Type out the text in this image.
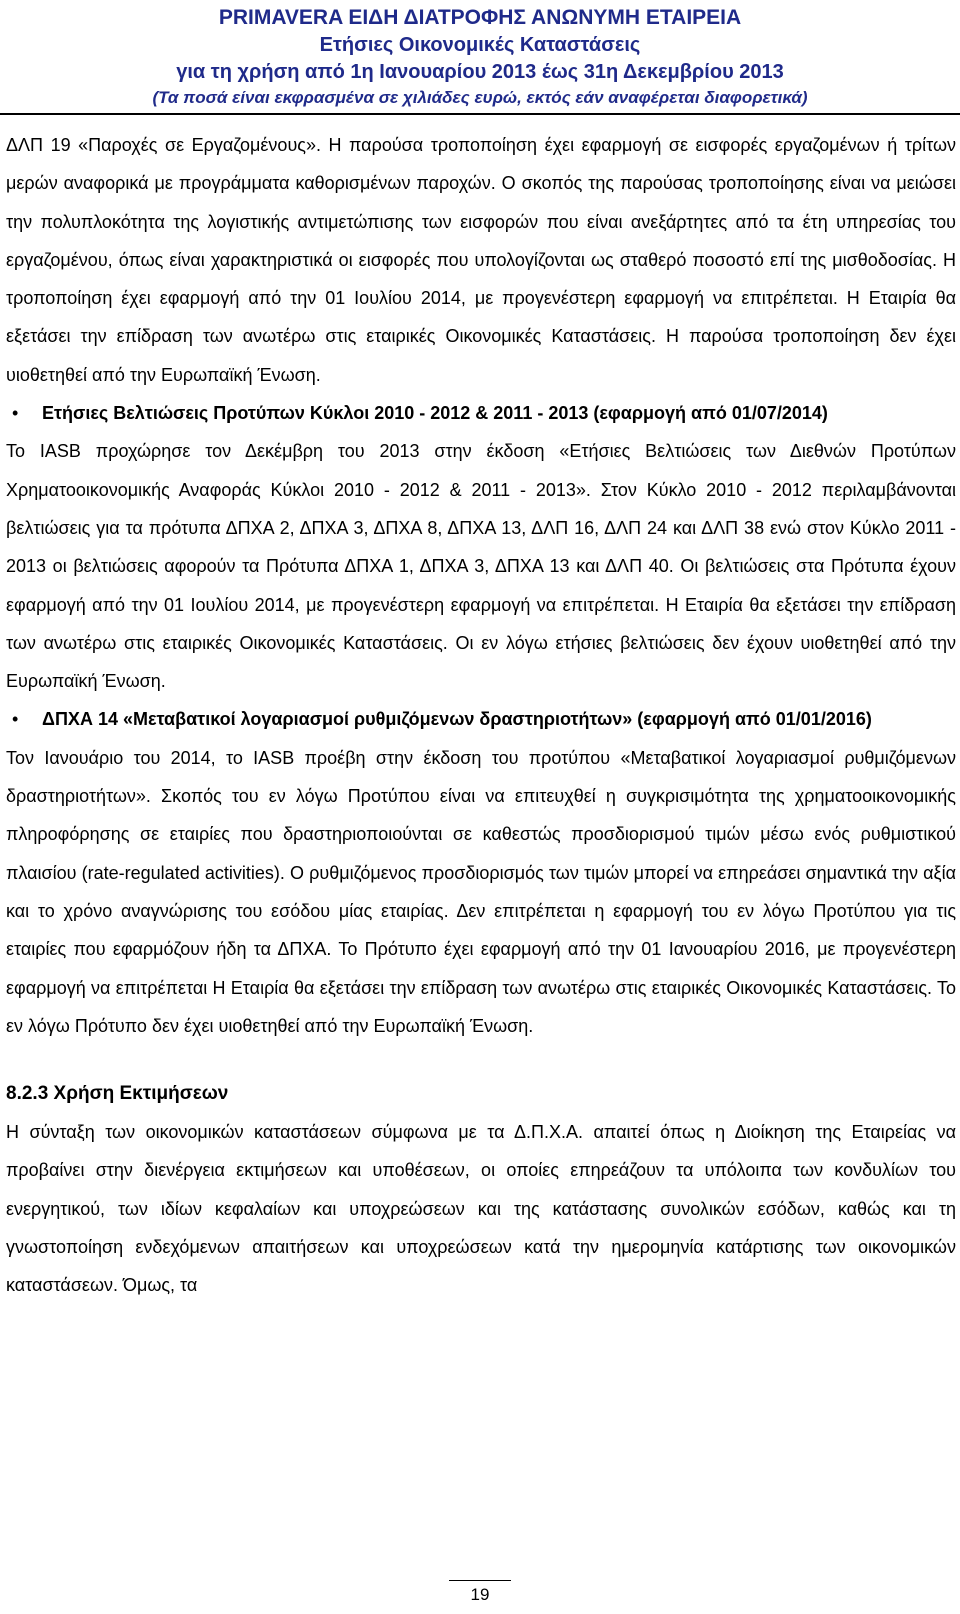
PRIMAVERA ΕΙΔΗ ΔΙΑΤΡΟΦΗΣ ΑΝΩΝΥΜΗ ΕΤΑΙΡΕΙΑ
Ετήσιες Οικονομικές Καταστάσεις
για τη χρήση από 1η Ιανουαρίου 2013 έως 31η Δεκεμβρίου 2013
(Τα ποσά είναι εκφρασμένα σε χιλιάδες ευρώ, εκτός εάν αναφέρεται διαφορετικά)

ΔΛΠ 19 «Παροχές σε Εργαζομένους». Η παρούσα τροποποίηση έχει εφαρμογή σε εισφορές εργαζομένων ή τρίτων μερών αναφορικά με προγράμματα καθορισμένων παροχών. Ο σκοπός της παρούσας τροποποίησης είναι να μειώσει την πολυπλοκότητα της λογιστικής αντιμετώπισης των εισφορών που είναι ανεξάρτητες από τα έτη υπηρεσίας του εργαζομένου, όπως είναι χαρακτηριστικά οι εισφορές που υπολογίζονται ως σταθερό ποσοστό επί της μισθοδοσίας. Η τροποποίηση έχει εφαρμογή από την 01 Ιουλίου 2014, με προγενέστερη εφαρμογή να επιτρέπεται. Η Εταιρία θα εξετάσει την επίδραση των ανωτέρω στις εταιρικές Οικονομικές Καταστάσεις. Η παρούσα τροποποίηση δεν έχει υιοθετηθεί από την Ευρωπαϊκή Ένωση.

• Ετήσιες Βελτιώσεις Προτύπων Κύκλοι 2010 - 2012 & 2011 - 2013 (εφαρμογή από 01/07/2014)

Το IASB προχώρησε τον Δεκέμβρη του 2013 στην έκδοση «Ετήσιες Βελτιώσεις των Διεθνών Προτύπων Χρηματοοικονομικής Αναφοράς Κύκλοι 2010 - 2012 & 2011 - 2013». Στον Κύκλο 2010 - 2012 περιλαμβάνονται βελτιώσεις για τα πρότυπα ΔΠΧΑ 2, ΔΠΧΑ 3, ΔΠΧΑ 8, ΔΠΧΑ 13, ΔΛΠ 16, ΔΛΠ 24 και ΔΛΠ 38 ενώ στον Κύκλο 2011 - 2013 οι βελτιώσεις αφορούν τα Πρότυπα ΔΠΧΑ 1, ΔΠΧΑ 3, ΔΠΧΑ 13 και ΔΛΠ 40. Οι βελτιώσεις στα Πρότυπα έχουν εφαρμογή από την 01 Ιουλίου 2014, με προγενέστερη εφαρμογή να επιτρέπεται. Η Εταιρία θα εξετάσει την επίδραση των ανωτέρω στις εταιρικές Οικονομικές Καταστάσεις. Οι εν λόγω ετήσιες βελτιώσεις δεν έχουν υιοθετηθεί από την Ευρωπαϊκή Ένωση.

• ΔΠΧΑ 14 «Μεταβατικοί λογαριασμοί ρυθμιζόμενων δραστηριοτήτων» (εφαρμογή από 01/01/2016)

Τον Ιανουάριο του 2014, το IASB προέβη στην έκδοση του προτύπου «Μεταβατικοί λογαριασμοί ρυθμιζόμενων δραστηριοτήτων». Σκοπός του εν λόγω Προτύπου είναι να επιτευχθεί η συγκρισιμότητα της χρηματοοικονομικής πληροφόρησης σε εταιρίες που δραστηριοποιούνται σε καθεστώς προσδιορισμού τιμών μέσω ενός ρυθμιστικού πλαισίου (rate-regulated activities). Ο ρυθμιζόμενος προσδιορισμός των τιμών μπορεί να επηρεάσει σημαντικά την αξία και το χρόνο αναγνώρισης του εσόδου μίας εταιρίας. Δεν επιτρέπεται η εφαρμογή του εν λόγω Προτύπου για τις εταιρίες που εφαρμόζουν ήδη τα ΔΠΧΑ. Το Πρότυπο έχει εφαρμογή από την 01 Ιανουαρίου 2016, με προγενέστερη εφαρμογή να επιτρέπεται Η Εταιρία θα εξετάσει την επίδραση των ανωτέρω στις εταιρικές Οικονομικές Καταστάσεις. Το εν λόγω Πρότυπο δεν έχει υιοθετηθεί από την Ευρωπαϊκή Ένωση.

8.2.3 Χρήση Εκτιμήσεων

Η σύνταξη των οικονομικών καταστάσεων σύμφωνα με τα Δ.Π.Χ.Α. απαιτεί όπως η Διοίκηση της Εταιρείας να προβαίνει στην διενέργεια εκτιμήσεων και υποθέσεων, οι οποίες επηρεάζουν τα υπόλοιπα των κονδυλίων του ενεργητικού, των ιδίων κεφαλαίων και υποχρεώσεων και της κατάστασης συνολικών εσόδων, καθώς και τη γνωστοποίηση ενδεχόμενων απαιτήσεων και υποχρεώσεων κατά την ημερομηνία κατάρτισης των οικονομικών καταστάσεων. Όμως, τα

19
